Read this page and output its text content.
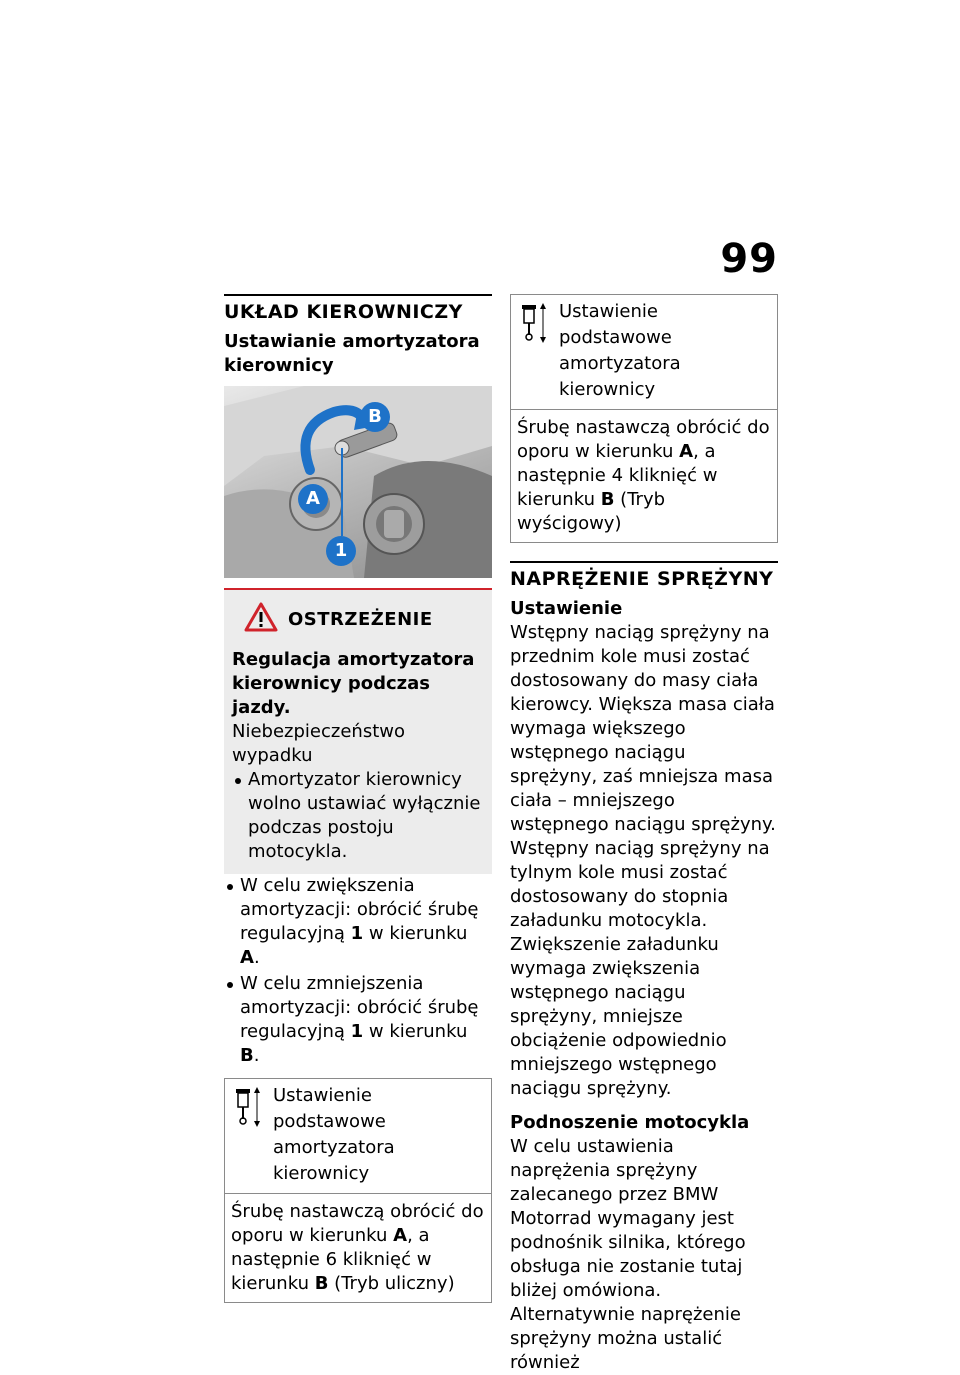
99
UKŁAD KIEROWNICZY
Ustawianie amortyzatora kierownicy
B
A
1
OSTRZEŻENIE
Regulacja amortyzatora kierownicy podczas jazdy.

Niebezpieczeństwo wypadku

Amortyzator kierownicy wolno ustawiać wyłącznie podczas postoju motocykla.
W celu zwiększenia amortyzacji: obrócić śrubę regulacyjną 1 w kierunku A.
W celu zmniejszenia amortyzacji: obrócić śrubę regulacyjną 1 w kierunku B.
Ustawienie podstawowe amortyzatora kierownicy
Śrubę nastawczą obrócić do oporu w kierunku A, a następnie 6 kliknięć w kierunku B (Tryb uliczny)
Ustawienie podstawowe amortyzatora kierownicy
Śrubę nastawczą obrócić do oporu w kierunku A, a następnie 4 kliknięć w kierunku B (Tryb wyścigowy)
NAPRĘŻENIE SPRĘŻYNY
Ustawienie

Wstępny naciąg sprężyny na przednim kole musi zostać dostosowany do masy ciała kierowcy. Większa masa ciała wymaga większego wstępnego naciągu sprężyny, zaś mniejsza masa ciała – mniejszego wstępnego naciągu sprężyny.

Wstępny naciąg sprężyny na tylnym kole musi zostać dostosowany do stopnia załadunku motocykla. Zwiększenie załadunku wymaga zwiększenia wstępnego naciągu sprężyny, mniejsze obciążenie odpowiednio mniejszego wstępnego naciągu sprężyny.

Podnoszenie motocykla

W celu ustawienia naprężenia sprężyny zalecanego przez BMW Motorrad wymagany jest podnośnik silnika, którego obsługa nie zostanie tutaj bliżej omówiona.

Alternatywnie naprężenie sprężyny można ustalić również
